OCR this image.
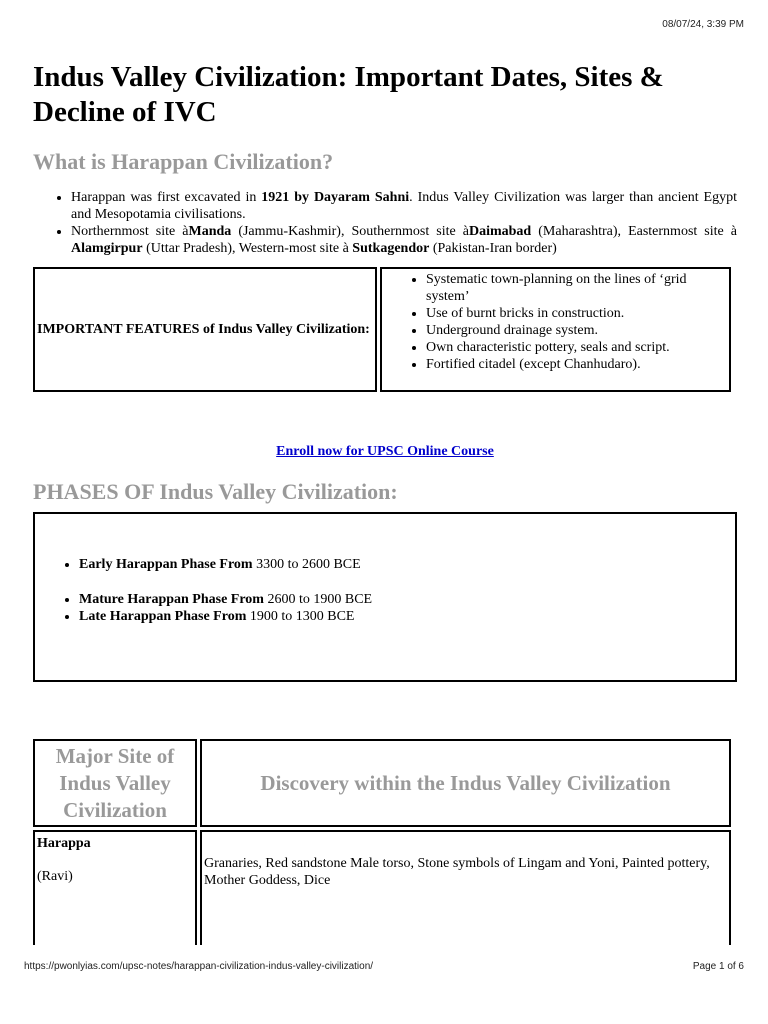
08/07/24, 3:39 PM
Indus Valley Civilization: Important Dates, Sites & Decline of IVC
What is Harappan Civilization?
• Harappan was first excavated in 1921 by Dayaram Sahni. Indus Valley Civilization was larger than ancient Egypt and Mesopotamia civilisations.
• Northernmost site àManda (Jammu-Kashmir), Southernmost site àDaimabad (Maharashtra), Easternmost site à Alamgirpur (Uttar Pradesh), Western-most site à Sutkagendor (Pakistan-Iran border)
IMPORTANT FEATURES of Indus Valley Civilization:	
• Systematic town-planning on the lines of ‘grid system’
• Use of burnt bricks in construction.
• Underground drainage system.
• Own characteristic pottery, seals and script.
• Fortified citadel (except Chanhudaro).
Enroll now for UPSC Online Course
PHASES OF Indus Valley Civilization:
• Early Harappan Phase From 3300 to 2600 BCE
• Mature Harappan Phase From 2600 to 1900 BCE
• Late Harappan Phase From 1900 to 1300 BCE
Major Site of Indus Valley Civilization	Discovery within the Indus Valley Civilization
Harappa
(Ravi)	Granaries, Red sandstone Male torso, Stone symbols of Lingam and Yoni, Painted pottery, Mother Goddess, Dice
https://pwonlyias.com/upsc-notes/harappan-civilization-indus-valley-civilization/	Page 1 of 6
